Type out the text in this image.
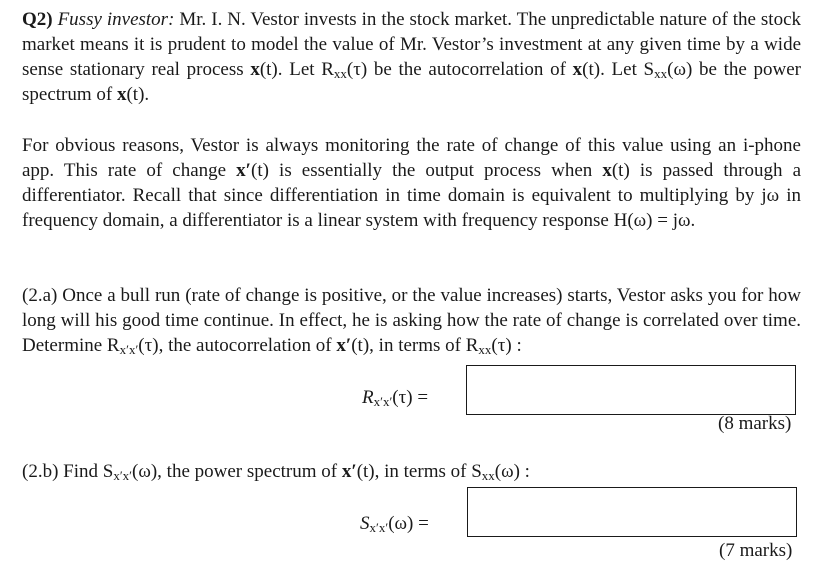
Q2) Fussy investor: Mr. I. N. Vestor invests in the stock market. The unpredictable nature of the stock market means it is prudent to model the value of Mr. Vestor’s investment at any given time by a wide sense stationary real process x(t). Let $R_{xx}(\tau)$ be the autocorrelation of x(t). Let $S_{xx}(\omega)$ be the power spectrum of x(t).
For obvious reasons, Vestor is always monitoring the rate of change of this value using an i-phone app. This rate of change x′(t) is essentially the output process when x(t) is passed through a differentiator. Recall that since differentiation in time domain is equivalent to multiplying by jω in frequency domain, a differentiator is a linear system with frequency response H(ω) = jω.
(2.a) Once a bull run (rate of change is positive, or the value increases) starts, Vestor asks you for how long will his good time continue. In effect, he is asking how the rate of change is correlated over time. Determine $R_{x'x'}(\tau)$, the autocorrelation of x′(t), in terms of $R_{xx}(\tau)$ :
$R_{x'x'}(\tau)$ =
(8 marks)
(2.b) Find $S_{x'x'}(\omega)$, the power spectrum of x′(t), in terms of $S_{xx}(\omega)$ :
$S_{x'x'}(\omega)$ =
(7 marks)
